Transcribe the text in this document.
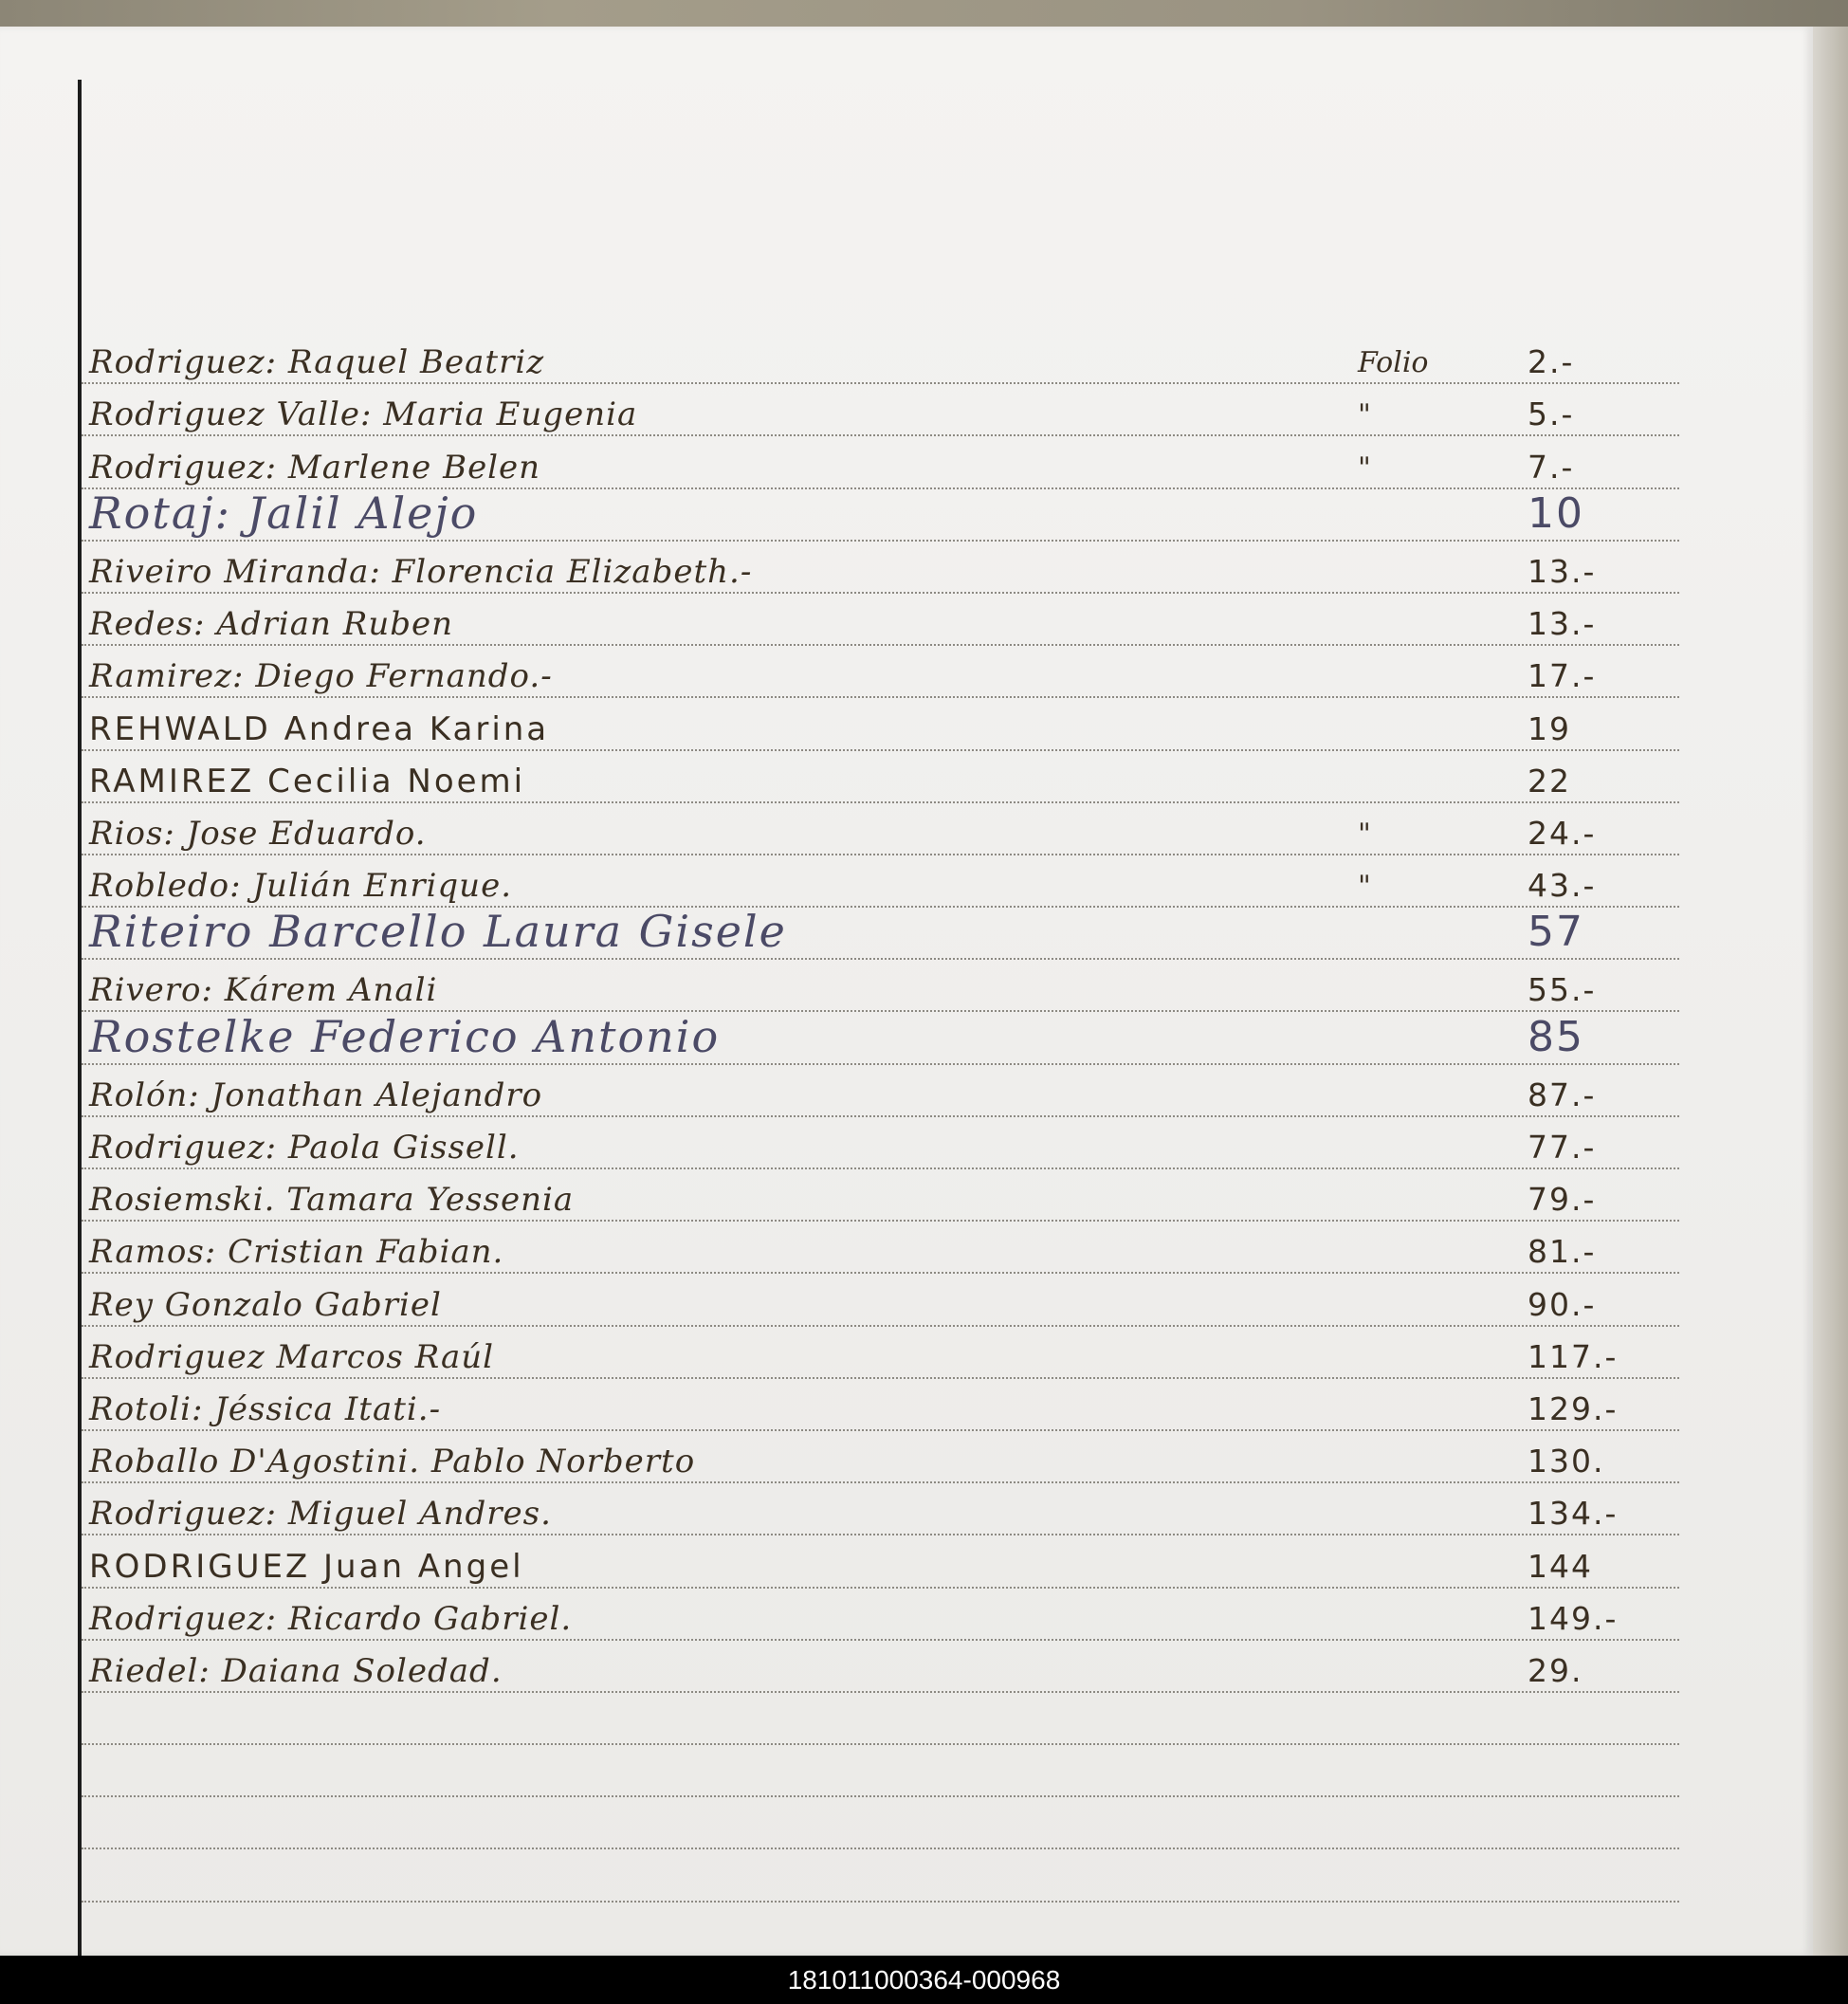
Rodriguez: Raquel Beatriz	Folio	2.-
Rodriguez Valle: Maria Eugenia	"	5.-
Rodriguez: Marlene Belen	"	7.-
Rotaj: Jalil Alejo	10
Riveiro Miranda: Florencia Elizabeth.-	13.-
Redes: Adrian Ruben	13.-
Ramirez: Diego Fernando.-	17.-
REHWALD Andrea Karina	19
RAMIREZ Cecilia Noemi	22
Rios: Jose Eduardo.	"	24.-
Robledo: Julián Enrique.	"	43.-
Riteiro Barcello Laura Gisele	57
Rivero: Kárem Anali	55.-
Rostelke Federico Antonio	85
Rolón: Jonathan Alejandro	87.-
Rodriguez: Paola Gissell.	77.-
Rosiemski. Tamara Yessenia	79.-
Ramos: Cristian Fabian.	81.-
Rey Gonzalo Gabriel	90.-
Rodriguez Marcos Raúl	117.-
Rotoli: Jéssica Itati.-	129.-
Roballo D'Agostini. Pablo Norberto	130.
Rodriguez: Miguel Andres.	134.-
RODRIGUEZ Juan Angel	144
Rodriguez: Ricardo Gabriel.	149.-
Riedel: Daiana Soledad.	29.
181011000364-000968
